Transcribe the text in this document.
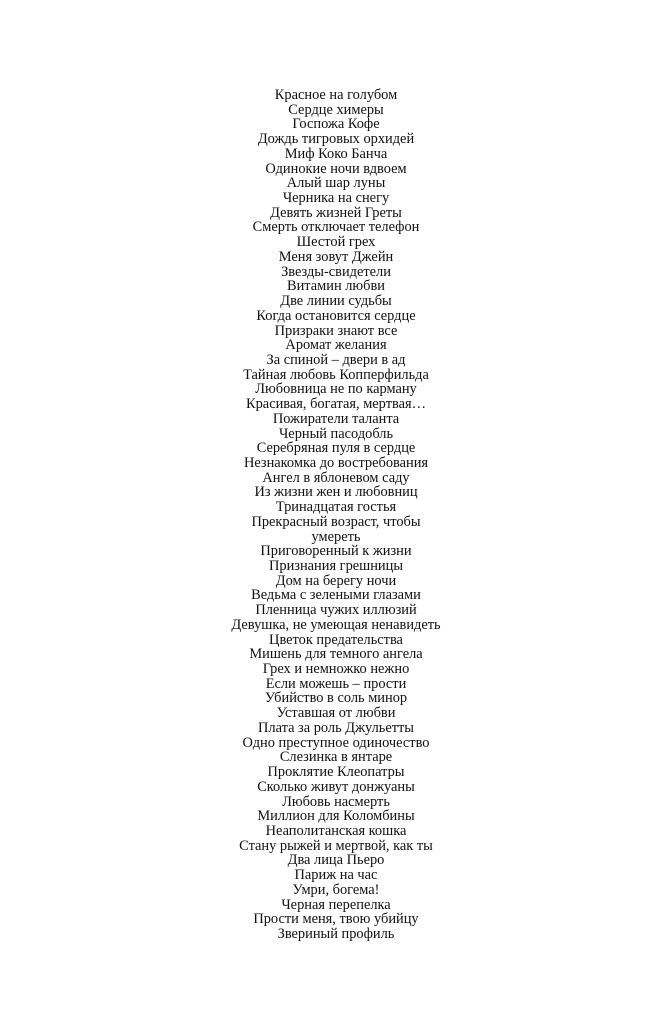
Красное на голубом
Сердце химеры
Госпожа Кофе
Дождь тигровых орхидей
Миф Коко Банча
Одинокие ночи вдвоем
Алый шар луны
Черника на снегу
Девять жизней Греты
Смерть отключает телефон
Шестой грех
Меня зовут Джейн
Звезды-свидетели
Витамин любви
Две линии судьбы
Когда остановится сердце
Призраки знают все
Аромат желания
За спиной – двери в ад
Тайная любовь Копперфильда
Любовница не по карману
Красивая, богатая, мертвая…
Пожиратели таланта
Черный пасодобль
Серебряная пуля в сердце
Незнакомка до востребования
Ангел в яблоневом саду
Из жизни жен и любовниц
Тринадцатая гостья
Прекрасный возраст, чтобы
умереть
Приговоренный к жизни
Признания грешницы
Дом на берегу ночи
Ведьма с зелеными глазами
Пленница чужих иллюзий
Девушка, не умеющая ненавидеть
Цветок предательства
Мишень для темного ангела
Грех и немножко нежно
Если можешь – прости
Убийство в соль минор
Уставшая от любви
Плата за роль Джульетты
Одно преступное одиночество
Слезинка в янтаре
Проклятие Клеопатры
Сколько живут донжуаны
Любовь насмерть
Миллион для Коломбины
Неаполитанская кошка
Стану рыжей и мертвой, как ты
Два лица Пьеро
Париж на час
Умри, богема!
Черная перепелка
Прости меня, твою убийцу
Звериный профиль
